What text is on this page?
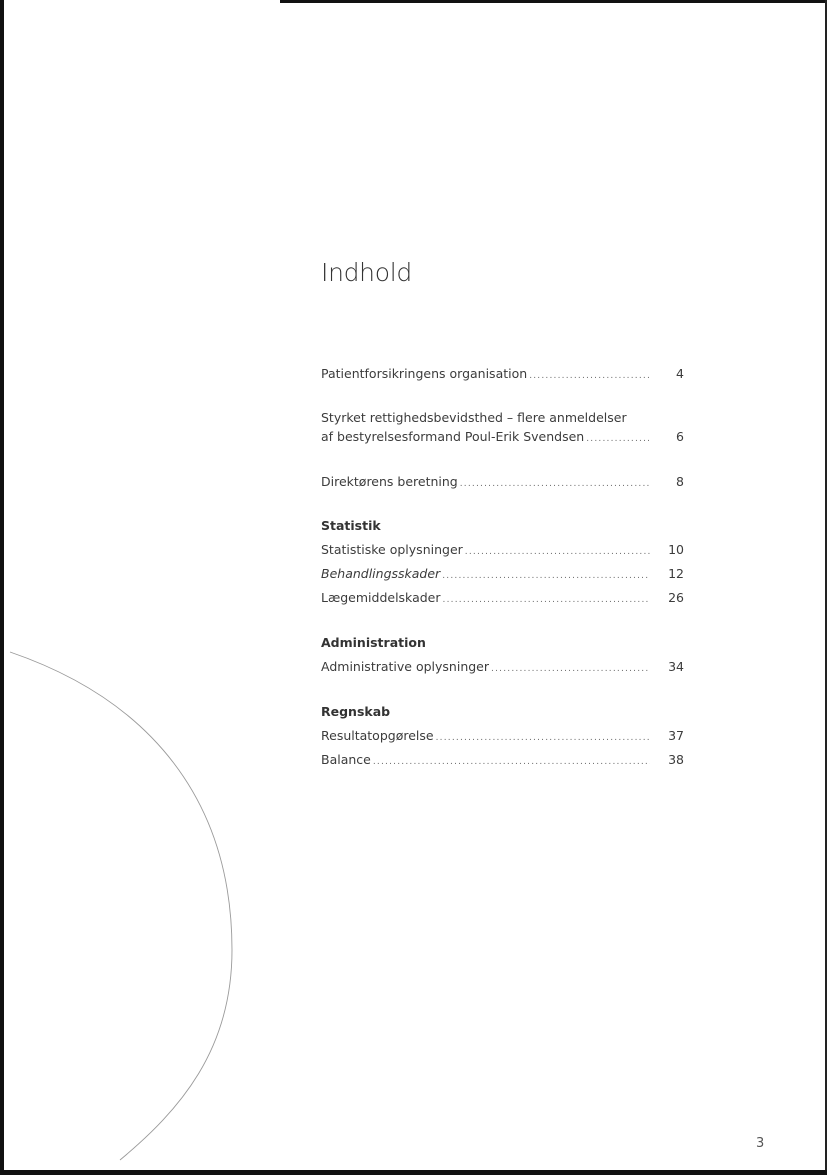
Indhold
Patientforsikringens organisation .....	4
Styrket rettighedsbevidsthed – flere anmeldelser
af bestyrelsesformand Poul-Erik Svendsen .....	6
Direktørens beretning .....	8
Statistik
Statistiske oplysninger .....	10
Behandlingsskader .....	12
Lægemiddelskader .....	26
Administration
Administrative oplysninger .....	34
Regnskab
Resultatopgørelse .....	37
Balance .....	38
3
